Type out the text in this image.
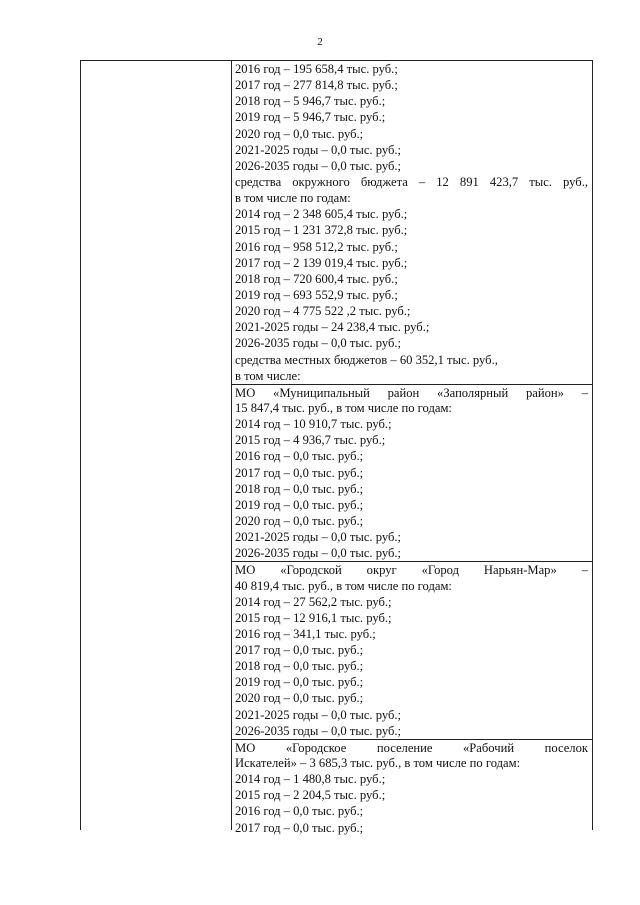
2
2016 год – 195 658,4 тыс. руб.;
2017 год – 277 814,8 тыс. руб.;
2018 год – 5 946,7 тыс. руб.;
2019 год – 5 946,7 тыс. руб.;
2020 год – 0,0 тыс. руб.;
2021-2025 годы – 0,0 тыс. руб.;
2026-2035 годы – 0,0 тыс. руб.;
средства окружного бюджета – 12 891 423,7 тыс. руб.,
в том числе по годам:
2014 год – 2 348 605,4 тыс. руб.;
2015 год – 1 231 372,8 тыс. руб.;
2016 год – 958 512,2 тыс. руб.;
2017 год – 2 139 019,4 тыс. руб.;
2018 год – 720 600,4 тыс. руб.;
2019 год – 693 552,9 тыс. руб.;
2020 год – 4 775 522 ,2 тыс. руб.;
2021-2025 годы – 24 238,4 тыс. руб.;
2026-2035 годы – 0,0 тыс. руб.;
средства местных бюджетов – 60 352,1 тыс. руб.,
в том числе:
МО «Муниципальный район «Заполярный район» –
15 847,4 тыс. руб., в том числе по годам:
2014 год – 10 910,7 тыс. руб.;
2015 год – 4 936,7 тыс. руб.;
2016 год – 0,0 тыс. руб.;
2017 год – 0,0 тыс. руб.;
2018 год – 0,0 тыс. руб.;
2019 год – 0,0 тыс. руб.;
2020 год – 0,0 тыс. руб.;
2021-2025 годы – 0,0 тыс. руб.;
2026-2035 годы – 0,0 тыс. руб.;
МО «Городской округ «Город Нарьян-Мар» –
40 819,4 тыс. руб., в том числе по годам:
2014 год – 27 562,2 тыс. руб.;
2015 год – 12 916,1 тыс. руб.;
2016 год – 341,1 тыс. руб.;
2017 год – 0,0 тыс. руб.;
2018 год – 0,0 тыс. руб.;
2019 год – 0,0 тыс. руб.;
2020 год – 0,0 тыс. руб.;
2021-2025 годы – 0,0 тыс. руб.;
2026-2035 годы – 0,0 тыс. руб.;
МО «Городское поселение «Рабочий поселок
Искателей» – 3 685,3 тыс. руб., в том числе по годам:
2014 год – 1 480,8 тыс. руб.;
2015 год – 2 204,5 тыс. руб.;
2016 год – 0,0 тыс. руб.;
2017 год – 0,0 тыс. руб.;
